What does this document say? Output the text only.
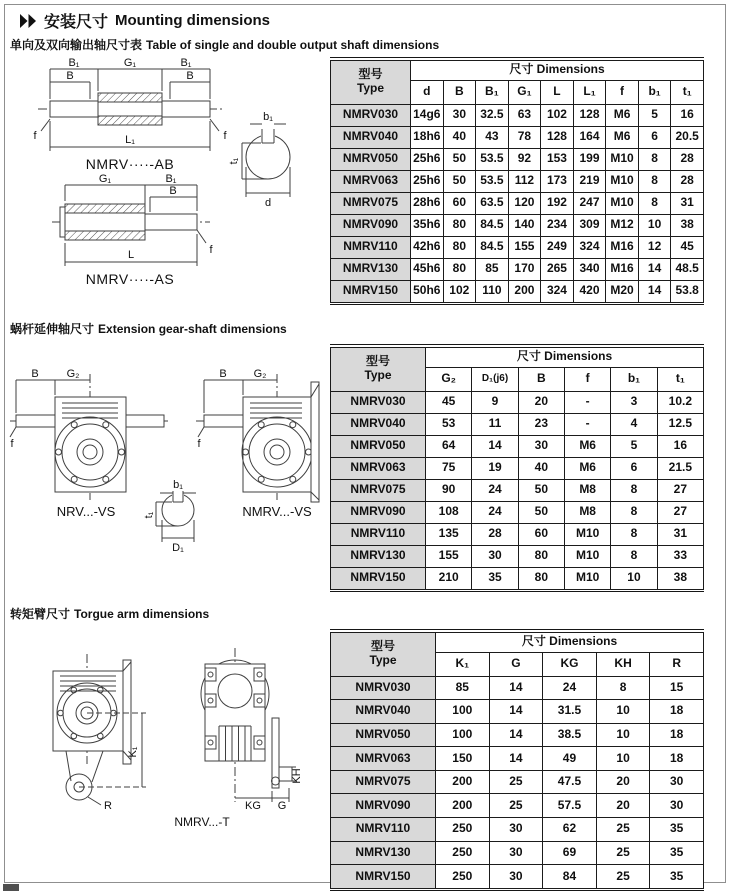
安装尺寸 Mounting dimensions
单向及双向输出轴尺寸表 Table of single and double output shaft dimensions
蜗杆延伸轴尺寸 Extension gear-shaft dimensions
转矩臂尺寸 Torgue arm dimensions
B₁	G₁	B₁
B	B
f	f
L₁
NMRV····-AB
b₁
t₁
d
G₁	B₁
B
f
L
NMRV····-AS
型号
Type	尺寸 Dimensions								
	d	B	B₁	G₁	L	L₁	f	b₁	t₁
NMRV030	14g6	30	32.5	63	102	128	M6	5	16
NMRV040	18h6	40	43	78	128	164	M6	6	20.5
NMRV050	25h6	50	53.5	92	153	199	M10	8	28
NMRV063	25h6	50	53.5	112	173	219	M10	8	28
NMRV075	28h6	60	63.5	120	192	247	M10	8	31
NMRV090	35h6	80	84.5	140	234	309	M12	10	38
NMRV110	42h6	80	84.5	155	249	324	M16	12	45
NMRV130	45h6	80	85	170	265	340	M16	14	48.5
NMRV150	50h6	102	110	200	324	420	M20	14	53.8
B	G₂
f
NRV...-VS
B G₂
f
NMRV...-VS
b₁
t₁
D₁
型号
Type	尺寸 Dimensions					
	G₂	D₁(j6)	B	f	b₁	t₁
NMRV030	45	9	20	-	3	10.2
NMRV040	53	11	23	-	4	12.5
NMRV050	64	14	30	M6	5	16
NMRV063	75	19	40	M6	6	21.5
NMRV075	90	24	50	M8	8	27
NMRV090	108	24	50	M8	8	27
NMRV110	135	28	60	M10	8	31
NMRV130	155	30	80	M10	8	33
NMRV150	210	35	80	M10	10	38
K₁
R
KH
KG G
NMRV...-T
型号
Type	尺寸 Dimensions				
	K₁	G	KG	KH	R
NMRV030	85	14	24	8	15
NMRV040	100	14	31.5	10	18
NMRV050	100	14	38.5	10	18
NMRV063	150	14	49	10	18
NMRV075	200	25	47.5	20	30
NMRV090	200	25	57.5	20	30
NMRV110	250	30	62	25	35
NMRV130	250	30	69	25	35
NMRV150	250	30	84	25	35
